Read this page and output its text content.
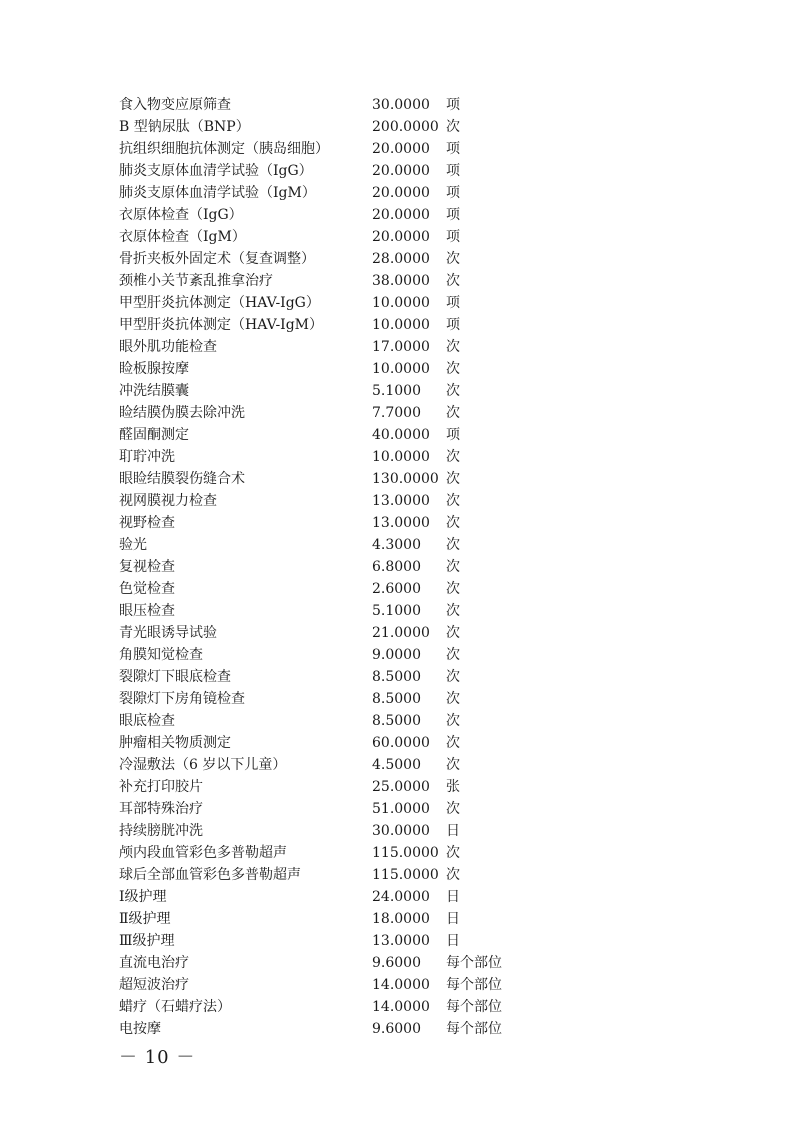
食入物变应原筛查	30.0000	项
B 型钠尿肽（BNP）	200.0000 次
抗组织细胞抗体测定（胰岛细胞）	20.0000	项
肺炎支原体血清学试验（IgG）	20.0000	项
肺炎支原体血清学试验（IgM）	20.0000	项
衣原体检查（IgG）	20.0000	项
衣原体检查（IgM）	20.0000	项
骨折夹板外固定术（复查调整）	28.0000	次
颈椎小关节紊乱推拿治疗	38.0000	次
甲型肝炎抗体测定（HAV-IgG）	10.0000	项
甲型肝炎抗体测定（HAV-IgM）	10.0000	项
眼外肌功能检查	17.0000	次
睑板腺按摩	10.0000	次
冲洗结膜囊	5.1000	次
睑结膜伪膜去除冲洗	7.7000	次
醛固酮测定	40.0000	项
耵聍冲洗	10.0000	次
眼睑结膜裂伤缝合术	130.0000 次
视网膜视力检查	13.0000	次
视野检查	13.0000	次
验光	4.3000	次
复视检查	6.8000	次
色觉检查	2.6000	次
眼压检查	5.1000	次
青光眼诱导试验	21.0000	次
角膜知觉检查	9.0000	次
裂隙灯下眼底检查	8.5000	次
裂隙灯下房角镜检查	8.5000	次
眼底检查	8.5000	次
肿瘤相关物质测定	60.0000	次
冷湿敷法（6 岁以下儿童）	4.5000	次
补充打印胶片	25.0000	张
耳部特殊治疗	51.0000	次
持续膀胱冲洗	30.0000	日
颅内段血管彩色多普勒超声	115.0000 次
球后全部血管彩色多普勒超声	115.0000 次
Ⅰ级护理	24.0000	日
Ⅱ级护理	18.0000	日
Ⅲ级护理	13.0000	日
直流电治疗	9.6000	每个部位
超短波治疗	14.0000	每个部位
蜡疗（石蜡疗法）	14.0000	每个部位
电按摩	9.6000	每个部位
－ 10 －
